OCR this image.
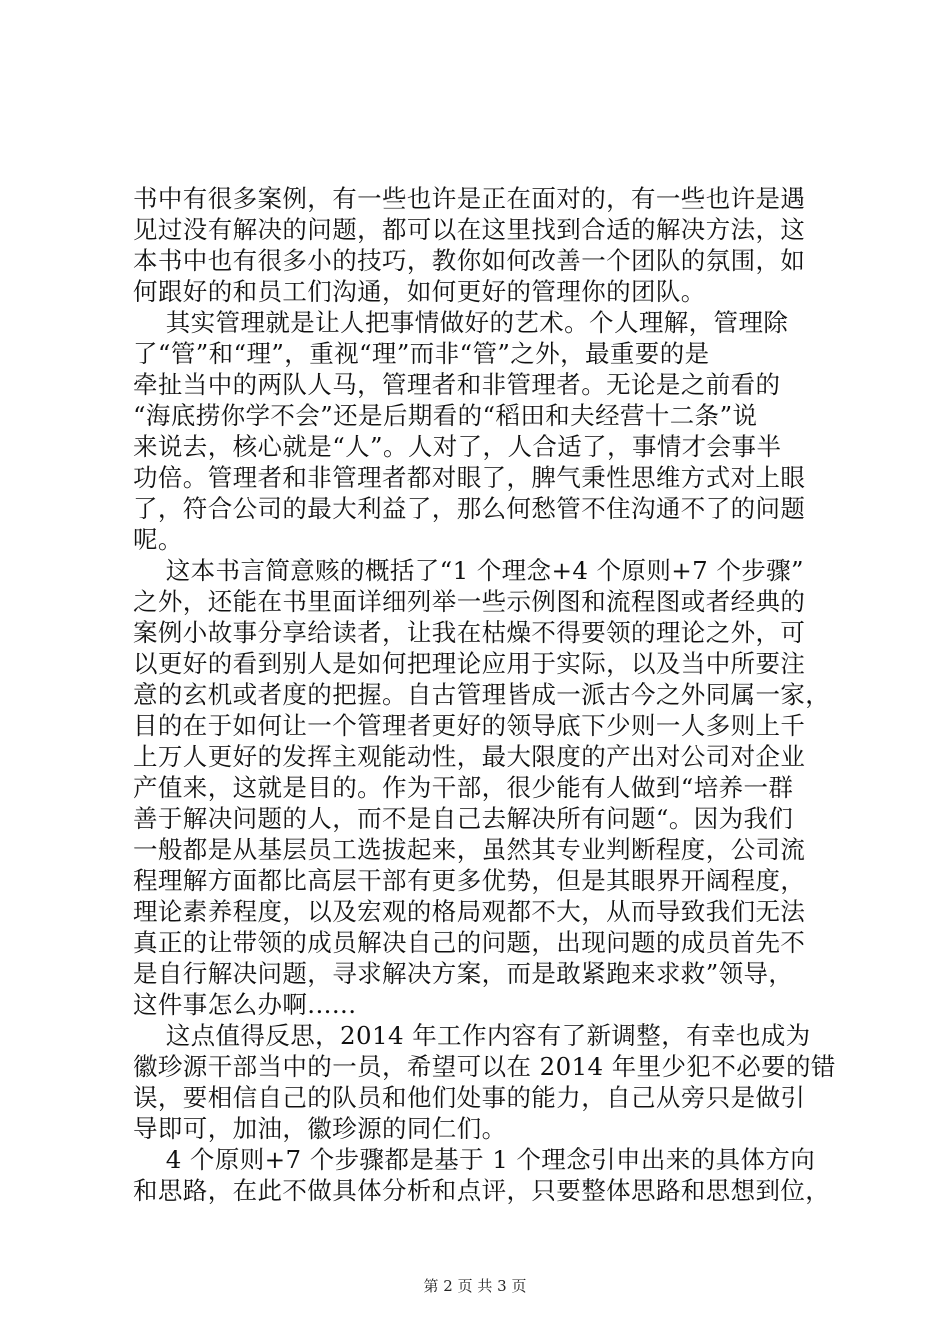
书中有很多案例，有一些也许是正在面对的，有一些也许是遇
见过没有解决的问题，都可以在这里找到合适的解决方法，这
本书中也有很多小的技巧，教你如何改善一个团队的氛围，如
何跟好的和员工们沟通，如何更好的管理你的团队。
其实管理就是让人把事情做好的艺术。个人理解，管理除
了“管”和“理”，重视“理”而非“管”之外，最重要的是
牵扯当中的两队人马，管理者和非管理者。无论是之前看的
“海底捞你学不会”还是后期看的“稻田和夫经营十二条”说
来说去，核心就是“人”。人对了，人合适了，事情才会事半
功倍。管理者和非管理者都对眼了，脾气秉性思维方式对上眼
了，符合公司的最大利益了，那么何愁管不住沟通不了的问题
呢。
这本书言简意赅的概括了“1 个理念+4 个原则+7 个步骤”
之外，还能在书里面详细列举一些示例图和流程图或者经典的
案例小故事分享给读者，让我在枯燥不得要领的理论之外，可
以更好的看到别人是如何把理论应用于实际，以及当中所要注
意的玄机或者度的把握。自古管理皆成一派古今之外同属一家，
目的在于如何让一个管理者更好的领导底下少则一人多则上千
上万人更好的发挥主观能动性，最大限度的产出对公司对企业
产值来，这就是目的。作为干部，很少能有人做到“培养一群
善于解决问题的人，而不是自己去解决所有问题“。因为我们
一般都是从基层员工选拔起来，虽然其专业判断程度，公司流
程理解方面都比高层干部有更多优势，但是其眼界开阔程度，
理论素养程度，以及宏观的格局观都不大，从而导致我们无法
真正的让带领的成员解决自己的问题，出现问题的成员首先不
是自行解决问题，寻求解决方案，而是敢紧跑来求救”领导，
这件事怎么办啊......
这点值得反思，2014 年工作内容有了新调整，有幸也成为
徽珍源干部当中的一员，希望可以在 2014 年里少犯不必要的错
误，要相信自己的队员和他们处事的能力，自己从旁只是做引
导即可，加油，徽珍源的同仁们。
4 个原则+7 个步骤都是基于 1 个理念引申出来的具体方向
和思路，在此不做具体分析和点评，只要整体思路和思想到位，
第 2 页 共 3 页
